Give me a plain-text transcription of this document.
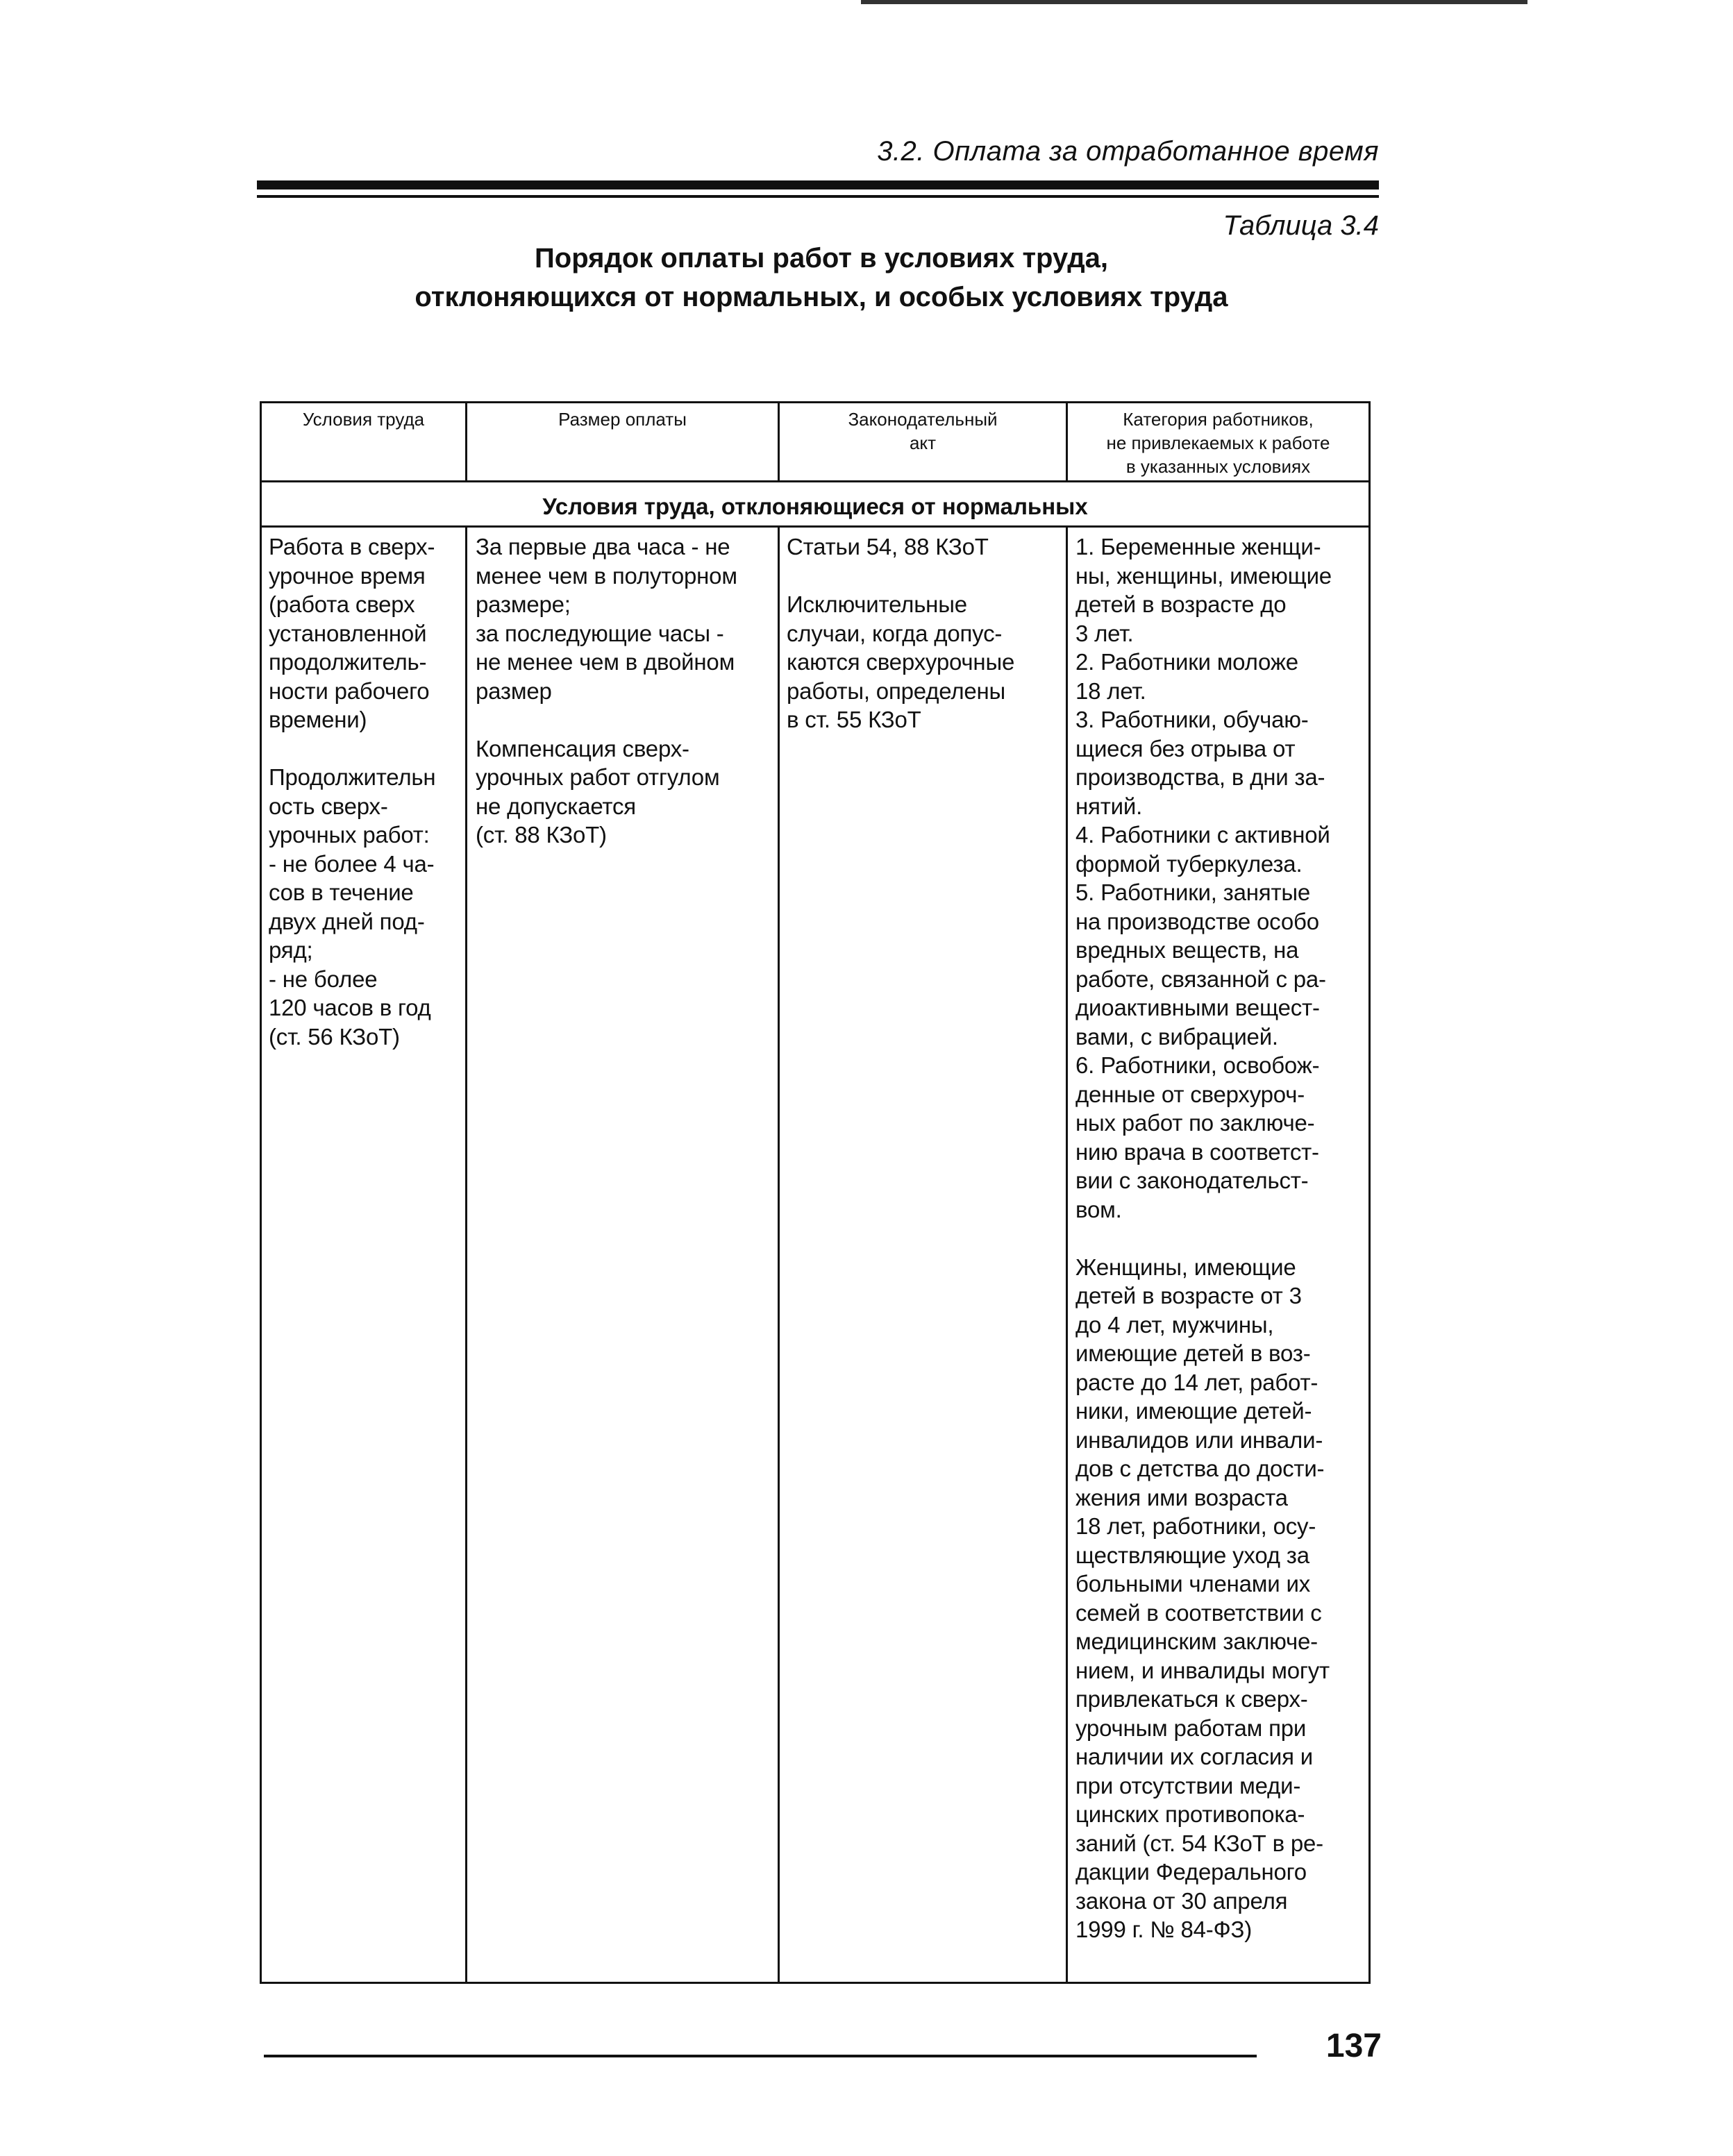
3.2. Оплата за отработанное время
Таблица 3.4
Порядок оплаты работ в условиях труда,
отклоняющихся от нормальных, и особых условиях труда
Условия труда	Размер оплаты	Законодательный
акт
Категория работников,
не привлекаемых к работе
в указанных условиях
Условия труда, отклоняющиеся от нормальных
Работа в сверх-
урочное время
(работа сверх
установленной
продолжитель-
ности рабочего
времени)

Продолжительн
ость сверх-
урочных работ:
- не более 4 ча-
сов в течение
двух дней под-
ряд;
- не более
120 часов в год
(ст. 56 КЗоТ)
За первые два часа - не
менее чем в полуторном
размере;
за последующие часы -
не менее чем в двойном
размер

Компенсация сверх-
урочных работ отгулом
не допускается
(ст. 88 КЗоТ)
Статьи 54, 88 КЗоТ

Исключительные
случаи, когда допус-
каются сверхурочные
работы, определены
в ст. 55 КЗоТ
1. Беременные женщи-
ны, женщины, имеющие
детей в возрасте до
3 лет.
2. Работники моложе
18 лет.
3. Работники, обучаю-
щиеся без отрыва от
производства, в дни за-
нятий.
4. Работники с активной
формой туберкулеза.
5. Работники, занятые
на производстве особо
вредных веществ, на
работе, связанной с ра-
диоактивными вещест-
вами, с вибрацией.
6. Работники, освобож-
денные от сверхуроч-
ных работ по заключе-
нию врача в соответст-
вии с законодательст-
вом.

Женщины, имеющие
детей в возрасте от 3
до 4 лет, мужчины,
имеющие детей в воз-
расте до 14 лет, работ-
ники, имеющие детей-
инвалидов или инвали-
дов с детства до дости-
жения ими возраста
18 лет, работники, осу-
ществляющие уход за
больными членами их
семей в соответствии с
медицинским заключе-
нием, и инвалиды могут
привлекаться к сверх-
урочным работам при
наличии их согласия и
при отсутствии меди-
цинских противопока-
заний (ст. 54 КЗоТ в ре-
дакции Федерального
закона от 30 апреля
1999 г. № 84-ФЗ)
137
